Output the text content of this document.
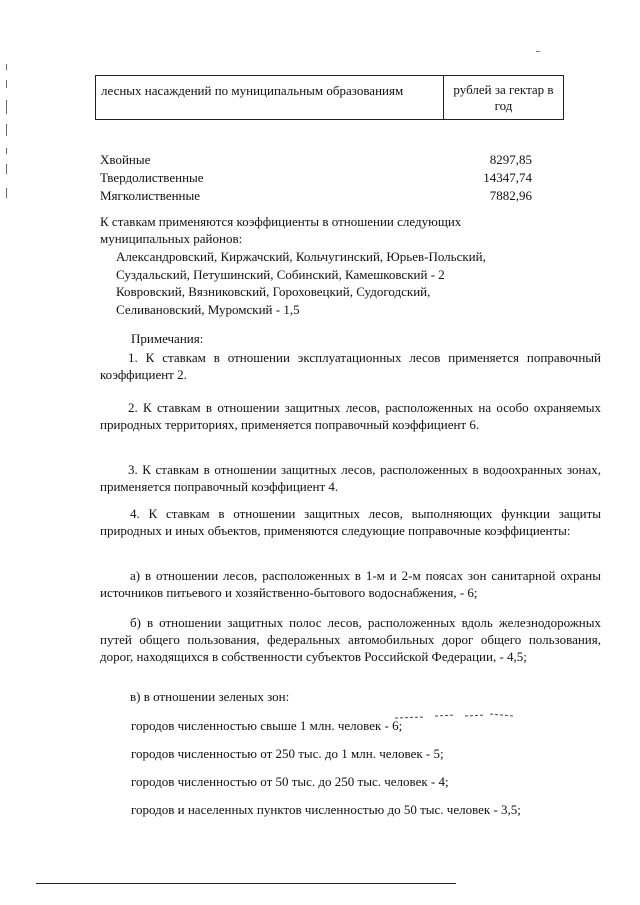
лесных насаждений по муниципальным образованиям	рублей за гектар в
год
Хвойные	8297,85
Твердолиственные	14347,74
Мягколиственные	7882,96
К ставкам применяются коэффициенты в отношении следующих муниципальных районов:
Александровский, Киржачский, Кольчугинский, Юрьев-Польский,
Суздальский, Петушинский, Собинский, Камешковский - 2
Ковровский, Вязниковский, Гороховецкий, Судогодский,
Селивановский, Муромский - 1,5
Примечания:
1. К ставкам в отношении эксплуатационных лесов применяется поправочный коэффициент 2.
2. К ставкам в отношении защитных лесов, расположенных на особо охраняемых природных территориях, применяется поправочный коэффициент 6.
3. К ставкам в отношении защитных лесов, расположенных в водоохранных зонах, применяется поправочный коэффициент 4.
4. К ставкам в отношении защитных лесов, выполняющих функции защиты природных и иных объектов, применяются следующие поправочные коэффициенты:
а) в отношении лесов, расположенных в 1-м и 2-м поясах зон санитарной охраны источников питьевого и хозяйственно-бытового водоснабжения, - 6;
б) в отношении защитных полос лесов, расположенных вдоль железнодорожных путей общего пользования, федеральных автомобильных дорог общего пользования, дорог, находящихся в собственности субъектов Российской Федерации, - 4,5;
в) в отношении зеленых зон:
городов численностью свыше 1 млн. человек - 6;
городов численностью от 250 тыс. до 1 млн. человек - 5;
городов численностью от 50 тыс. до 250 тыс. человек - 4;
городов и населенных пунктов численностью до 50 тыс. человек - 3,5;
